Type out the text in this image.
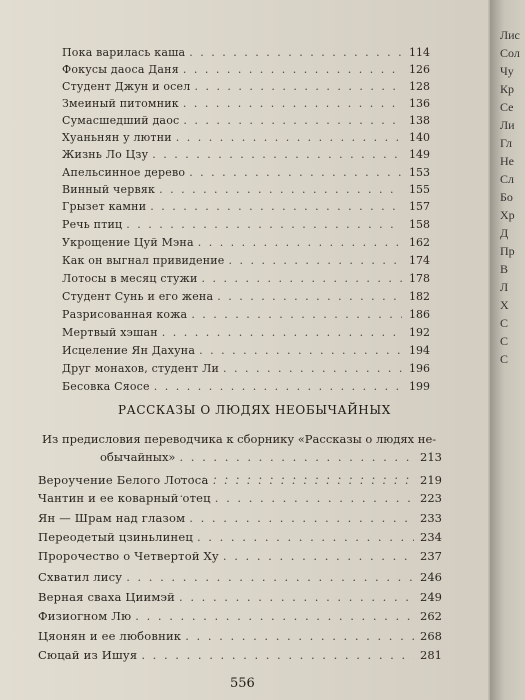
Пока варилась каша . . .	114
Фокусы даоса Даня . . .	126
Студент Джун и осел . . .	128
Змеиный питомник . . .	136
Сумасшедший даос . . .	138
Хуаньнян у лютни . . .	140
Жизнь Ло Цзу . . .	149
Апельсинное дерево . . .	153
Винный червяк . . .	155
Грызет камни . . .	157
Речь птиц . . .	158
Укрощение Цуй Мэна . . .	162
Как он выгнал привидение . . .	174
Лотосы в месяц стужи . . .	178
Студент Сунь и его жена . . .	182
Разрисованная кожа . . .	186
Мертвый хэшан . . .	192
Исцеление Ян Дахуна . . .	194
Друг монахов, студент Ли . . .	196
Бесовка Сяосе . . .	199
РАССКАЗЫ О ЛЮДЯХ НЕОБЫЧАЙНЫХ
Из предисловия переводчика к сборнику «Рассказы о людях не-
обычайных» . . .	213
Вероучение Белого Лотоса . . .	219
Чантин и ее коварный отец . . .	223
Ян — Шрам над глазом . . .	233
Переодетый цзиньлинец . . .	234
Пророчество о Четвертой Ху . . .	237
Схватил лису . . .	246
Верная сваха Циимэй . . .	249
Физиогном Лю . . .	262
Цяонян и ее любовник . . .	268
Сюцай из Ишуя . . .	281
556
Лис
Сол
Чу
Кр
Се
Ли
Гл
Не
Сл
Бо
Хр
Д
Пр
В
Л
Х
С
С
С
